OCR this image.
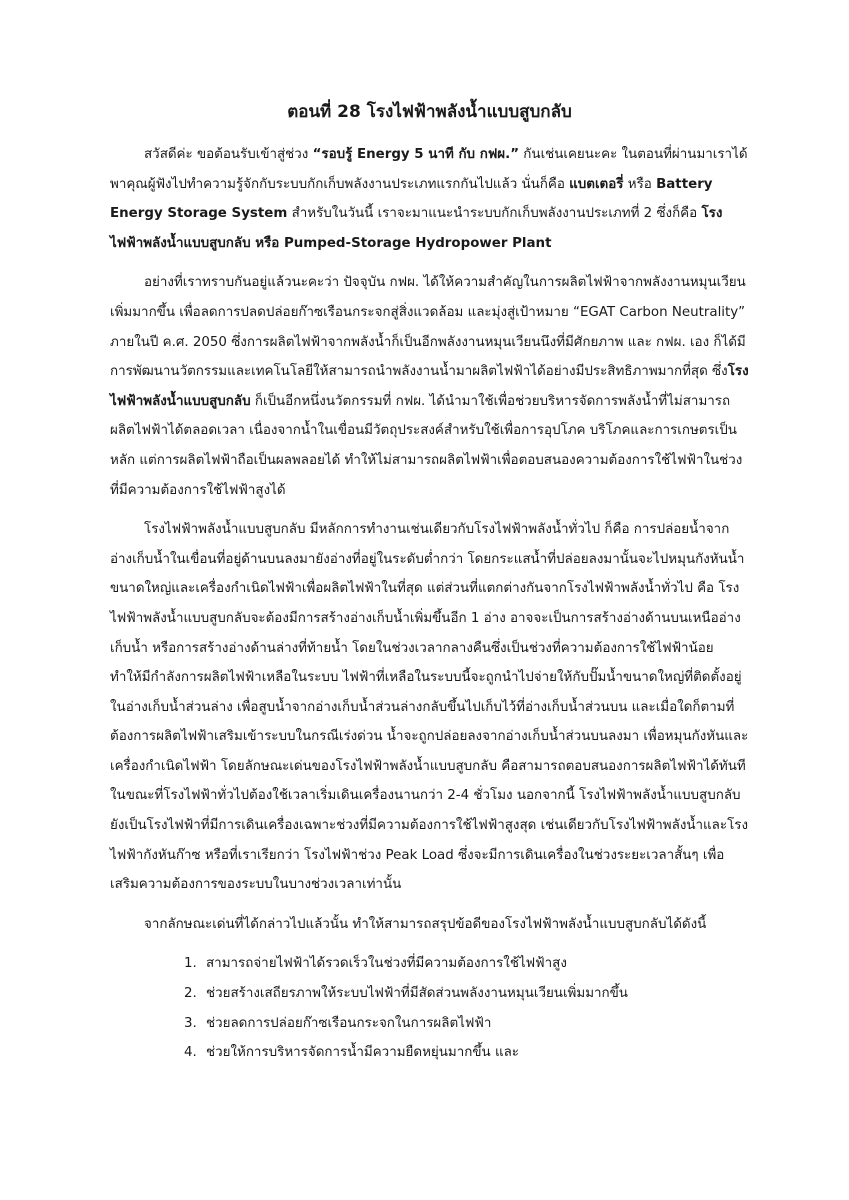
ตอนที่ 28 โรงไฟฟ้าพลังน้ำแบบสูบกลับ

สวัสดีค่ะ ขอต้อนรับเข้าสู่ช่วง “รอบรู้ Energy 5 นาที กับ กฟผ.” กันเช่นเคยนะคะ ในตอนที่ผ่านมาเราได้พาคุณผู้ฟังไปทำความรู้จักกับระบบกักเก็บพลังงานประเภทแรกกันไปแล้ว นั่นก็คือ แบตเตอรี่ หรือ Battery Energy Storage System สำหรับในวันนี้ เราจะมาแนะนำระบบกักเก็บพลังงานประเภทที่ 2 ซึ่งก็คือ โรงไฟฟ้าพลังน้ำแบบสูบกลับ หรือ Pumped-Storage Hydropower Plant

อย่างที่เราทราบกันอยู่แล้วนะคะว่า ปัจจุบัน กฟผ. ได้ให้ความสำคัญในการผลิตไฟฟ้าจากพลังงานหมุนเวียนเพิ่มมากขึ้น เพื่อลดการปลดปล่อยก๊าซเรือนกระจกสู่สิ่งแวดล้อม และมุ่งสู่เป้าหมาย “EGAT Carbon Neutrality” ภายในปี ค.ศ. 2050 ซึ่งการผลิตไฟฟ้าจากพลังน้ำก็เป็นอีกพลังงานหมุนเวียนนึงที่มีศักยภาพ และ กฟผ. เอง ก็ได้มีการพัฒนานวัตกรรมและเทคโนโลยีให้สามารถนำพลังงานน้ำมาผลิตไฟฟ้าได้อย่างมีประสิทธิภาพมากที่สุด ซึ่งโรงไฟฟ้าพลังน้ำแบบสูบกลับ ก็เป็นอีกหนึ่งนวัตกรรมที่ กฟผ. ได้นำมาใช้เพื่อช่วยบริหารจัดการพลังน้ำที่ไม่สามารถผลิตไฟฟ้าได้ตลอดเวลา เนื่องจากน้ำในเขื่อนมีวัตถุประสงค์สำหรับใช้เพื่อการอุปโภค บริโภคและการเกษตรเป็นหลัก แต่การผลิตไฟฟ้าถือเป็นผลพลอยได้ ทำให้ไม่สามารถผลิตไฟฟ้าเพื่อตอบสนองความต้องการใช้ไฟฟ้าในช่วงที่มีความต้องการใช้ไฟฟ้าสูงได้

โรงไฟฟ้าพลังน้ำแบบสูบกลับ มีหลักการทำงานเช่นเดียวกับโรงไฟฟ้าพลังน้ำทั่วไป ก็คือ การปล่อยน้ำจากอ่างเก็บน้ำในเขื่อนที่อยู่ด้านบนลงมายังอ่างที่อยู่ในระดับต่ำกว่า โดยกระแสน้ำที่ปล่อยลงมานั้นจะไปหมุนกังหันน้ำขนาดใหญ่และเครื่องกำเนิดไฟฟ้าเพื่อผลิตไฟฟ้าในที่สุด แต่ส่วนที่แตกต่างกันจากโรงไฟฟ้าพลังน้ำทั่วไป คือ โรงไฟฟ้าพลังน้ำแบบสูบกลับจะต้องมีการสร้างอ่างเก็บน้ำเพิ่มขึ้นอีก 1 อ่าง อาจจะเป็นการสร้างอ่างด้านบนเหนืออ่างเก็บน้ำ หรือการสร้างอ่างด้านล่างที่ท้ายน้ำ โดยในช่วงเวลากลางคืนซึ่งเป็นช่วงที่ความต้องการใช้ไฟฟ้าน้อย ทำให้มีกำลังการผลิตไฟฟ้าเหลือในระบบ ไฟฟ้าที่เหลือในระบบนี้จะถูกนำไปจ่ายให้กับปั๊มน้ำขนาดใหญ่ที่ติดตั้งอยู่ในอ่างเก็บน้ำส่วนล่าง เพื่อสูบน้ำจากอ่างเก็บน้ำส่วนล่างกลับขึ้นไปเก็บไว้ที่อ่างเก็บน้ำส่วนบน และเมื่อใดก็ตามที่ต้องการผลิตไฟฟ้าเสริมเข้าระบบในกรณีเร่งด่วน น้ำจะถูกปล่อยลงจากอ่างเก็บน้ำส่วนบนลงมา เพื่อหมุนกังหันและเครื่องกำเนิดไฟฟ้า โดยลักษณะเด่นของโรงไฟฟ้าพลังน้ำแบบสูบกลับ คือสามารถตอบสนองการผลิตไฟฟ้าได้ทันที ในขณะที่โรงไฟฟ้าทั่วไปต้องใช้เวลาเริ่มเดินเครื่องนานกว่า 2-4 ชั่วโมง นอกจากนี้ โรงไฟฟ้าพลังน้ำแบบสูบกลับ ยังเป็นโรงไฟฟ้าที่มีการเดินเครื่องเฉพาะช่วงที่มีความต้องการใช้ไฟฟ้าสูงสุด เช่นเดียวกับโรงไฟฟ้าพลังน้ำและโรงไฟฟ้ากังหันก๊าซ หรือที่เราเรียกว่า โรงไฟฟ้าช่วง Peak Load ซึ่งจะมีการเดินเครื่องในช่วงระยะเวลาสั้นๆ เพื่อเสริมความต้องการของระบบในบางช่วงเวลาเท่านั้น

จากลักษณะเด่นที่ได้กล่าวไปแล้วนั้น ทำให้สามารถสรุปข้อดีของโรงไฟฟ้าพลังน้ำแบบสูบกลับได้ดังนี้

1. สามารถจ่ายไฟฟ้าได้รวดเร็วในช่วงที่มีความต้องการใช้ไฟฟ้าสูง
2. ช่วยสร้างเสถียรภาพให้ระบบไฟฟ้าที่มีสัดส่วนพลังงานหมุนเวียนเพิ่มมากขึ้น
3. ช่วยลดการปล่อยก๊าซเรือนกระจกในการผลิตไฟฟ้า
4. ช่วยให้การบริหารจัดการน้ำมีความยืดหยุ่นมากขึ้น และ
